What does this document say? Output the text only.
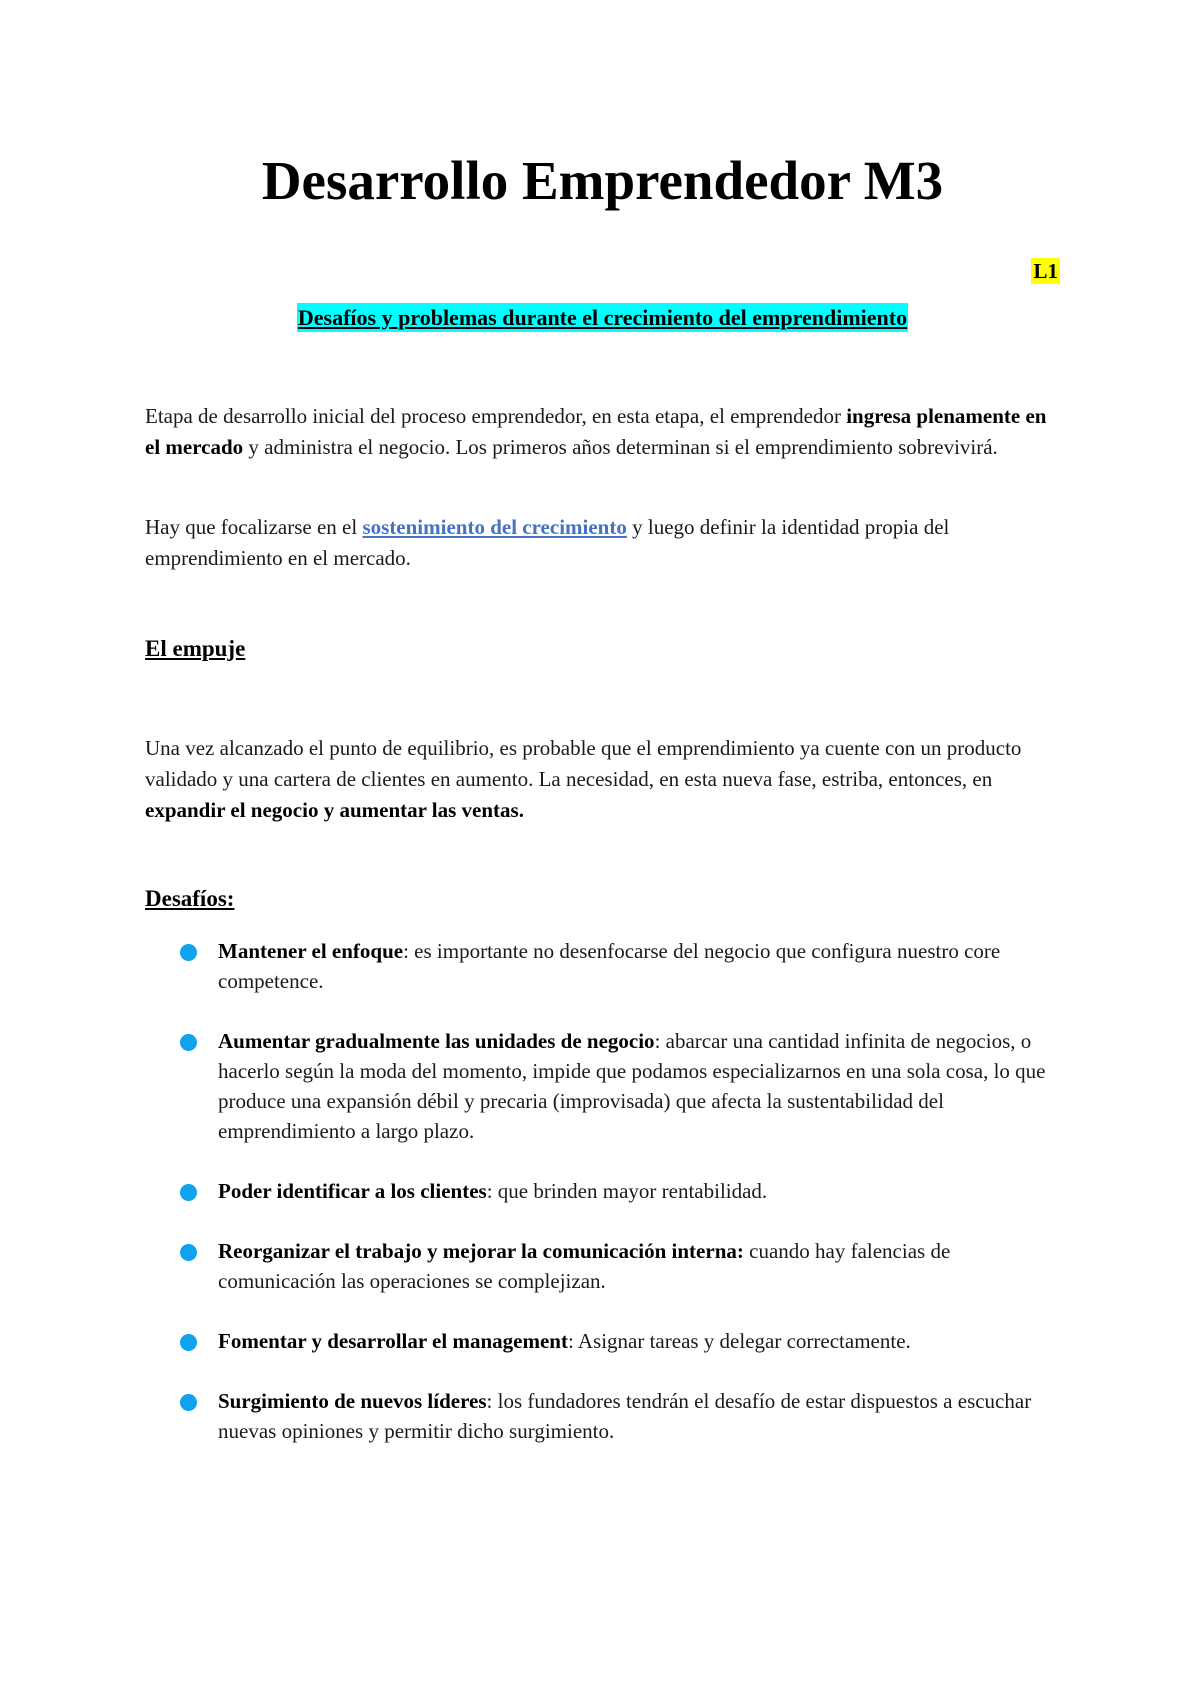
Desarrollo Emprendedor M3
L1
Desafíos y problemas durante el crecimiento del emprendimiento

Etapa de desarrollo inicial del proceso emprendedor, en esta etapa, el emprendedor ingresa plenamente en el mercado y administra el negocio. Los primeros años determinan si el emprendimiento sobrevivirá.

Hay que focalizarse en el sostenimiento del crecimiento y luego definir la identidad propia del emprendimiento en el mercado.

El empuje

Una vez alcanzado el punto de equilibrio, es probable que el emprendimiento ya cuente con un producto validado y una cartera de clientes en aumento. La necesidad, en esta nueva fase, estriba, entonces, en expandir el negocio y aumentar las ventas.

Desafíos:
Mantener el enfoque: es importante no desenfocarse del negocio que configura nuestro core competence.
Aumentar gradualmente las unidades de negocio: abarcar una cantidad infinita de negocios, o hacerlo según la moda del momento, impide que podamos especializarnos en una sola cosa, lo que produce una expansión débil y precaria (improvisada) que afecta la sustentabilidad del emprendimiento a largo plazo.
Poder identificar a los clientes: que brinden mayor rentabilidad.
Reorganizar el trabajo y mejorar la comunicación interna: cuando hay falencias de comunicación las operaciones se complejizan.
Fomentar y desarrollar el management: Asignar tareas y delegar correctamente.
Surgimiento de nuevos líderes: los fundadores tendrán el desafío de estar dispuestos a escuchar nuevas opiniones y permitir dicho surgimiento.
